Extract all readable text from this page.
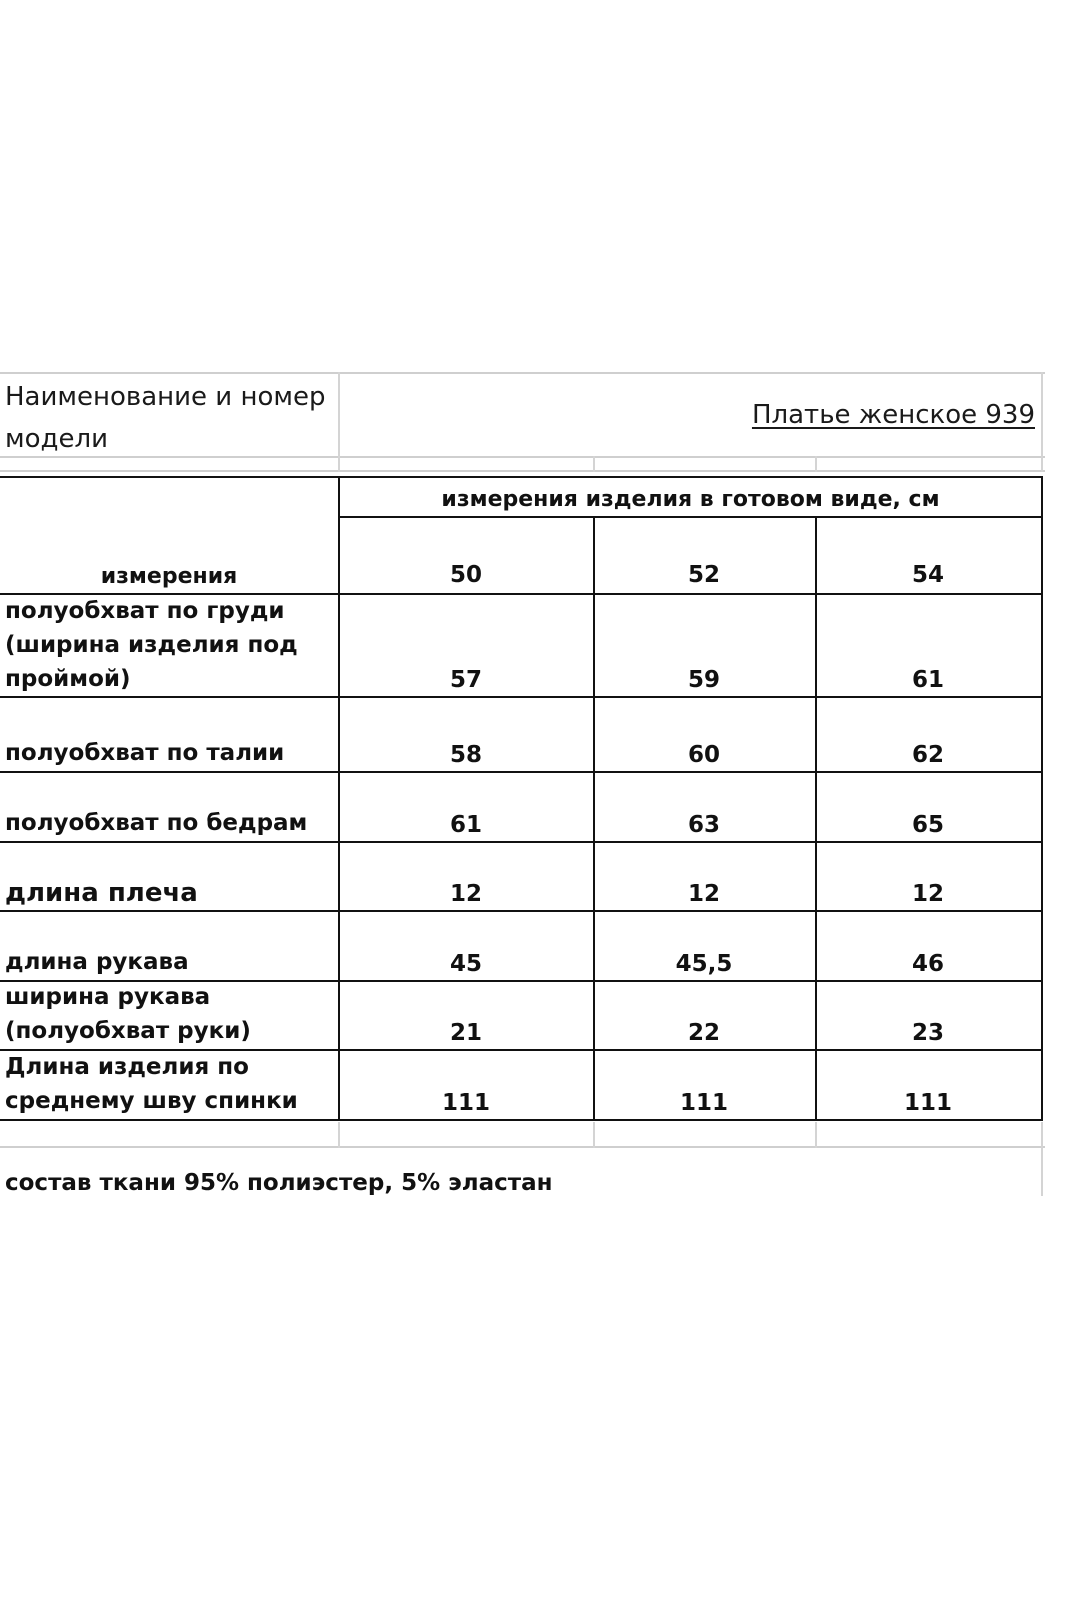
Наименование и номер модели
Платье женское 939
измерения изделия в готовом виде, см
измерения	50	52	54
полуобхват по груди (ширина изделия под проймой)	57	59	61
полуобхват по талии	58	60	62
полуобхват по бедрам	61	63	65
длина плеча	12	12	12
длина рукава	45	45,5	46
ширина рукава (полуобхват руки)	21	22	23
Длина изделия по среднему шву спинки	111	111	111
состав ткани 95% полиэстер, 5% эластан
